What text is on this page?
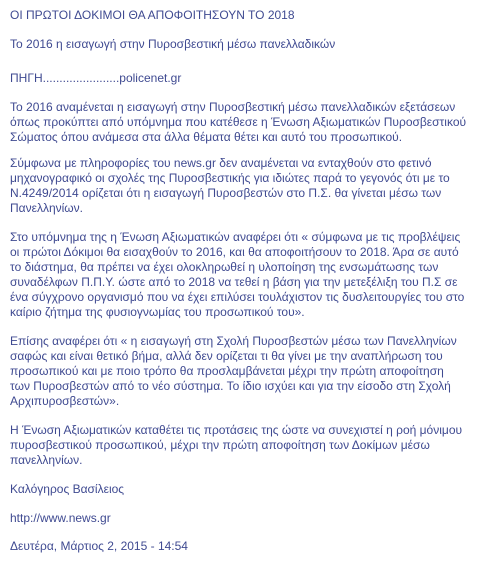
ΟΙ ΠΡΩΤΟΙ ΔΟΚΙΜΟΙ ΘΑ ΑΠΟΦΟΙΤΗΣΟΥΝ ΤΟ 2018

Το 2016 η εισαγωγή στην Πυροσβεστική μέσω πανελλαδικών

ΠΗΓΗ.......................policenet.gr

Το 2016 αναμένεται η εισαγωγή στην Πυροσβεστική μέσω πανελλαδικών εξετάσεων
όπως προκύπτει από υπόμνημα που κατέθεσε η Ένωση Αξιωματικών Πυροσβεστικού
Σώματος όπου ανάμεσα στα άλλα θέματα θέτει και αυτό του προσωπικού.

Σύμφωνα με πληροφορίες του news.gr δεν αναμένεται να ενταχθούν στο φετινό
μηχανογραφικό οι σχολές της Πυροσβεστικής για ιδιώτες παρά το γεγονός ότι με το
Ν.4249/2014 ορίζεται ότι η εισαγωγή Πυροσβεστών στο Π.Σ. θα γίνεται μέσω των
Πανελληνίων.

Στο υπόμνημα της η Ένωση Αξιωματικών αναφέρει ότι « σύμφωνα με τις προβλέψεις
οι πρώτοι Δόκιμοι θα εισαχθούν το 2016, και θα αποφοιτήσουν το 2018. Άρα σε αυτό
το διάστημα, θα πρέπει να έχει ολοκληρωθεί η υλοποίηση της ενσωμάτωσης των
συναδέλφων Π.Π.Υ. ώστε από το 2018 να τεθεί η βάση για την μετεξέλιξη του Π.Σ σε
ένα σύγχρονο οργανισμό που να έχει επιλύσει τουλάχιστον τις δυσλειτουργίες του στο
καίριο ζήτημα της φυσιογνωμίας του προσωπικού του».

Επίσης αναφέρει ότι « η εισαγωγή στη Σχολή Πυροσβεστών μέσω των Πανελληνίων
σαφώς και είναι θετικό βήμα, αλλά δεν ορίζεται τι θα γίνει με την αναπλήρωση του
προσωπικού και με ποιο τρόπο θα προσλαμβάνεται μέχρι την πρώτη αποφοίτηση
των Πυροσβεστών από το νέο σύστημα. Το ίδιο ισχύει και για την είσοδο στη Σχολή
Αρχιπυροσβεστών».

Η Ένωση Αξιωματικών καταθέτει τις προτάσεις της ώστε να συνεχιστεί η ροή μόνιμου
πυροσβεστικού προσωπικού, μέχρι την πρώτη αποφοίτηση των Δοκίμων μέσω
πανελληνίων.

Καλόγηρος Βασίλειος

http://www.news.gr

Δευτέρα, Μάρτιος 2, 2015 - 14:54
